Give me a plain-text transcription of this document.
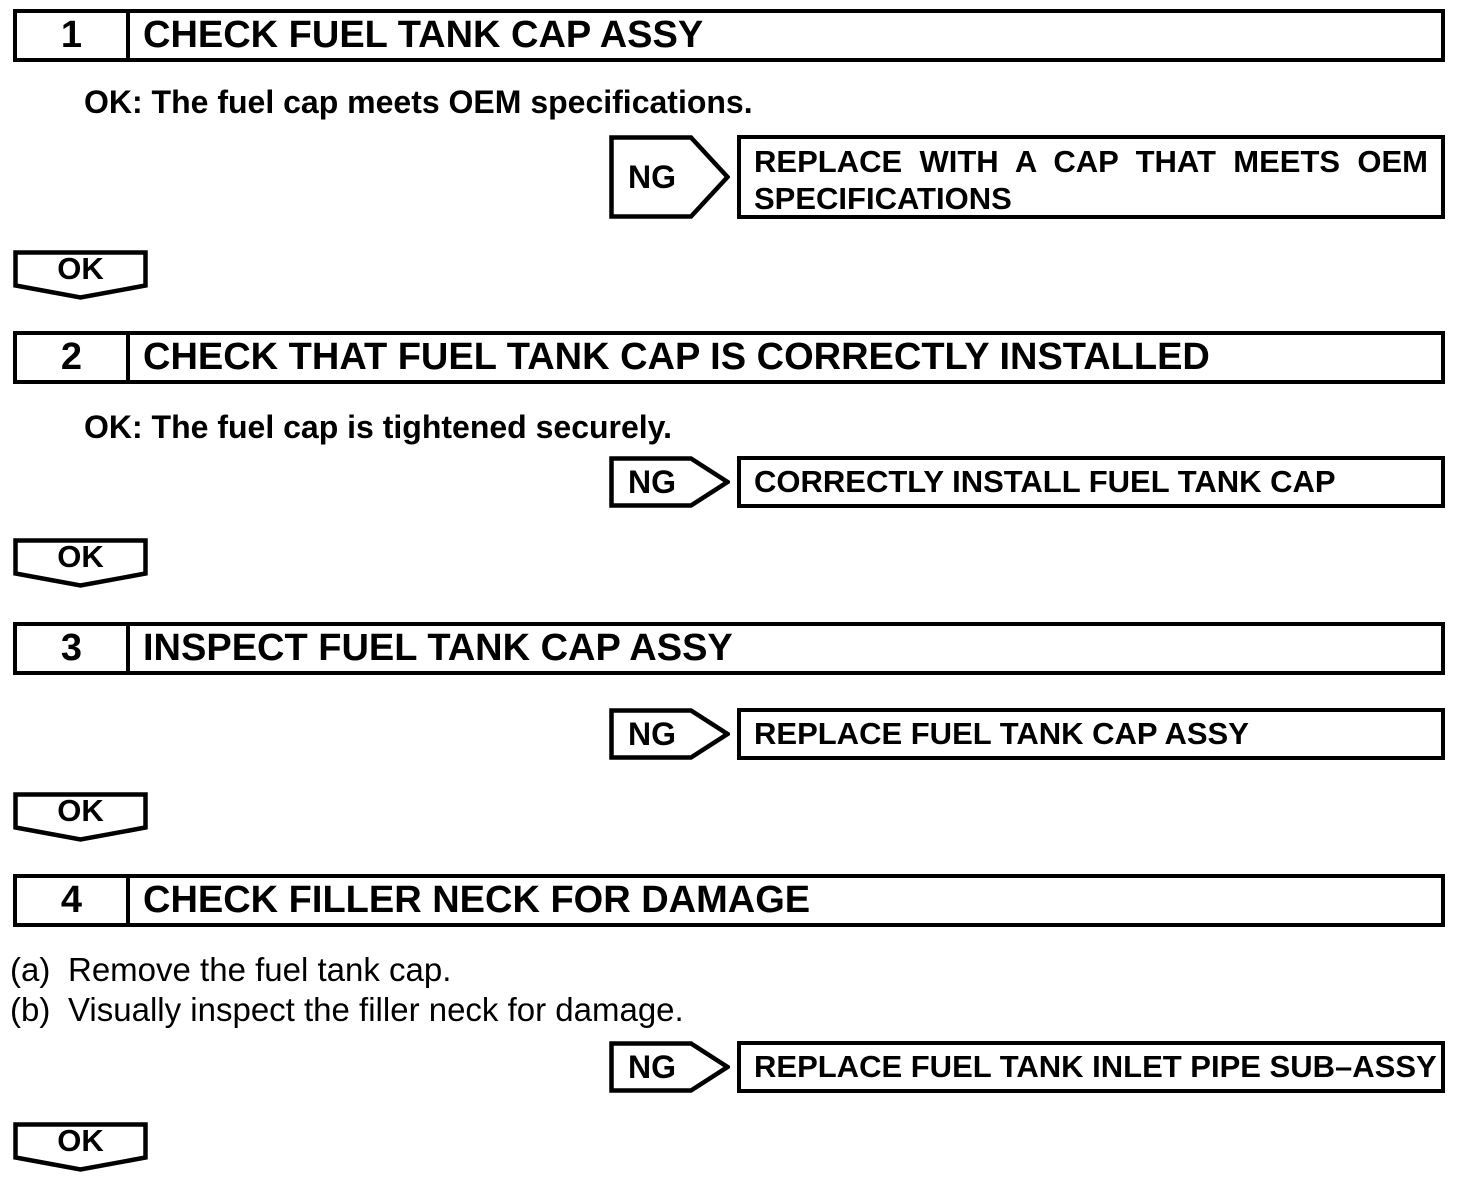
1	CHECK FUEL TANK CAP ASSY
OK: The fuel cap meets OEM specifications.
NG	REPLACE WITH A CAP THAT MEETS OEM
SPECIFICATIONS
OK
2	CHECK THAT FUEL TANK CAP IS CORRECTLY INSTALLED
OK: The fuel cap is tightened securely.
NG	CORRECTLY INSTALL FUEL TANK CAP
OK
3	INSPECT FUEL TANK CAP ASSY
NG	REPLACE FUEL TANK CAP ASSY
OK
4	CHECK FILLER NECK FOR DAMAGE
(a) Remove the fuel tank cap.
(b) Visually inspect the filler neck for damage.
NG	REPLACE FUEL TANK INLET PIPE SUB–ASSY
OK
